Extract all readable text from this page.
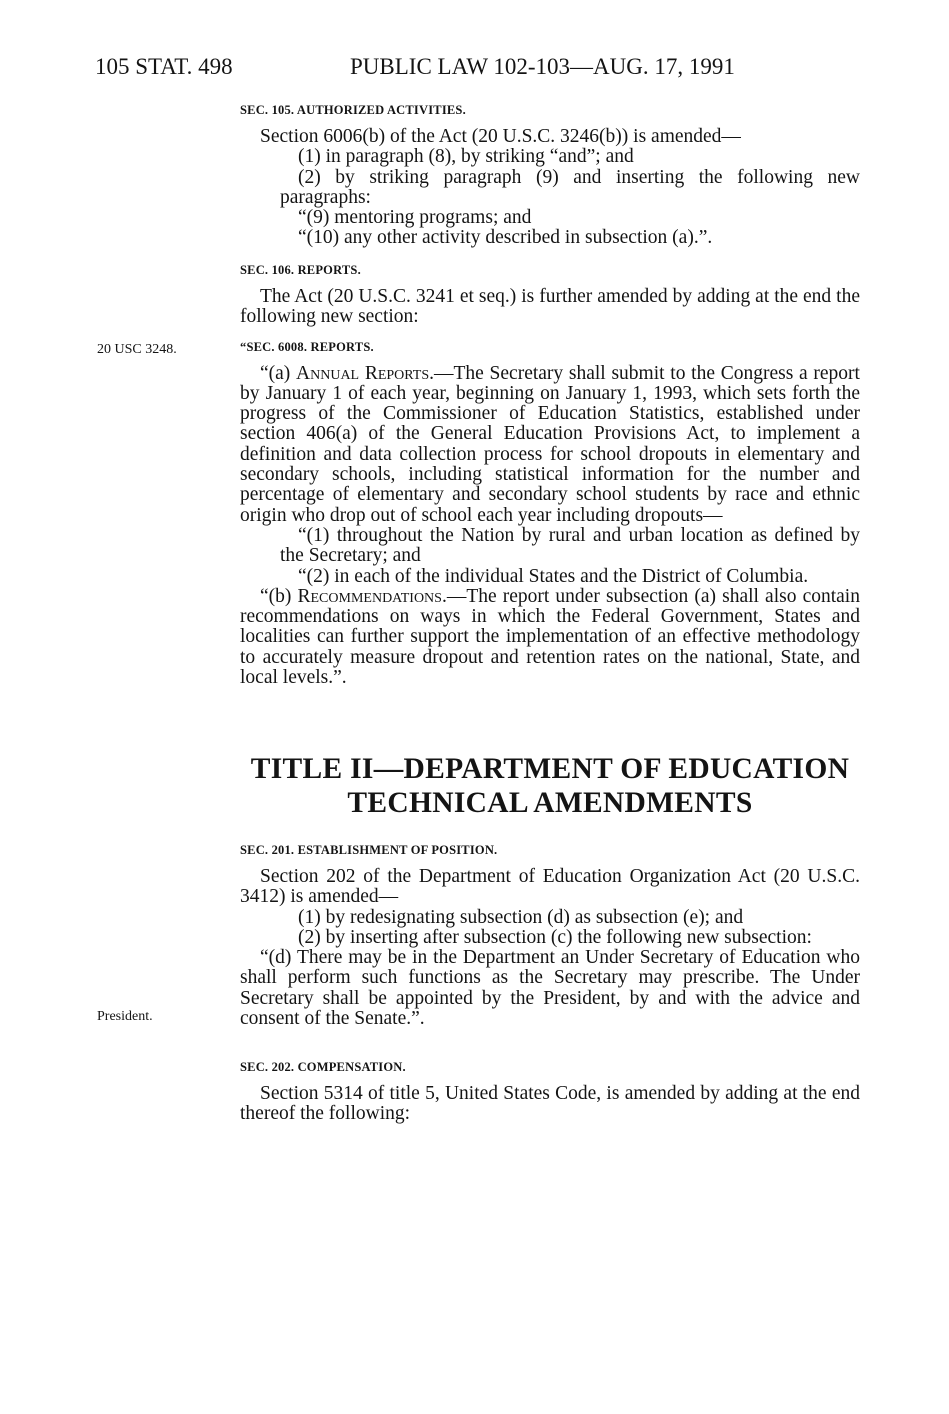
105 STAT. 498	PUBLIC LAW 102-103—AUG. 17, 1991
20 USC 3248.
President.
SEC. 105. AUTHORIZED ACTIVITIES.

Section 6006(b) of the Act (20 U.S.C. 3246(b)) is amended—

(1) in paragraph (8), by striking “and”; and

(2) by striking paragraph (9) and inserting the following new paragraphs:

“(9) mentoring programs; and

“(10) any other activity described in subsection (a).”.

SEC. 106. REPORTS.

The Act (20 U.S.C. 3241 et seq.) is further amended by adding at the end the following new section:

“SEC. 6008. REPORTS.

“(a) Annual Reports.—The Secretary shall submit to the Congress a report by January 1 of each year, beginning on January 1, 1993, which sets forth the progress of the Commissioner of Education Statistics, established under section 406(a) of the General Education Provisions Act, to implement a definition and data collection process for school dropouts in elementary and secondary schools, including statistical information for the number and percentage of elementary and secondary school students by race and ethnic origin who drop out of school each year including dropouts—

“(1) throughout the Nation by rural and urban location as defined by the Secretary; and

“(2) in each of the individual States and the District of Columbia.

“(b) Recommendations.—The report under subsection (a) shall also contain recommendations on ways in which the Federal Government, States and localities can further support the implementation of an effective methodology to accurately measure dropout and retention rates on the national, State, and local levels.”.

TITLE II—DEPARTMENT OF EDUCATION
TECHNICAL AMENDMENTS
SEC. 201. ESTABLISHMENT OF POSITION.

Section 202 of the Department of Education Organization Act (20 U.S.C. 3412) is amended—

(1) by redesignating subsection (d) as subsection (e); and

(2) by inserting after subsection (c) the following new subsection:

“(d) There may be in the Department an Under Secretary of Education who shall perform such functions as the Secretary may prescribe. The Under Secretary shall be appointed by the President, by and with the advice and consent of the Senate.”.

SEC. 202. COMPENSATION.

Section 5314 of title 5, United States Code, is amended by adding at the end thereof the following:
